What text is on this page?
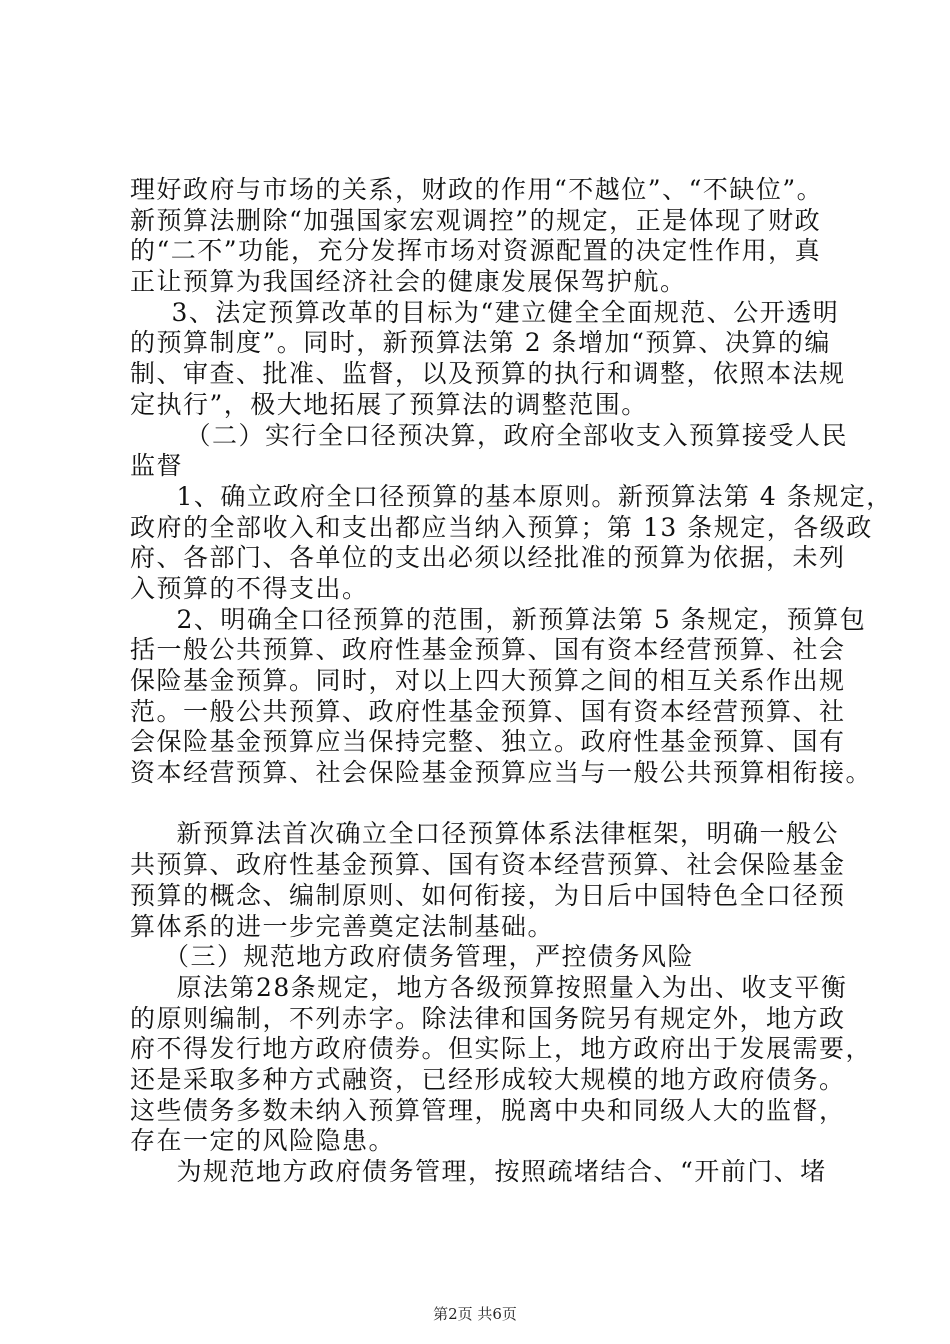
理好政府与市场的关系，财政的作用“不越位”、“不缺位”。

新预算法删除“加强国家宏观调控”的规定，正是体现了财政

的“二不”功能，充分发挥市场对资源配置的决定性作用，真

正让预算为我国经济社会的健康发展保驾护航。

　3、法定预算改革的目标为“建立健全全面规范、公开透明

的预算制度”。同时，新预算法第 2 条增加“预算、决算的编

制、审查、批准、监督，以及预算的执行和调整，依照本法规

定执行”，极大地拓展了预算法的调整范围。

　　（二）实行全口径预决算，政府全部收支入预算接受人民

监督

　1、确立政府全口径预算的基本原则。新预算法第 4 条规定，

政府的全部收入和支出都应当纳入预算；第 13 条规定，各级政

府、各部门、各单位的支出必须以经批准的预算为依据，未列

入预算的不得支出。

　2、明确全口径预算的范围，新预算法第 5 条规定，预算包

括一般公共预算、政府性基金预算、国有资本经营预算、社会

保险基金预算。同时，对以上四大预算之间的相互关系作出规

范。一般公共预算、政府性基金预算、国有资本经营预算、社

会保险基金预算应当保持完整、独立。政府性基金预算、国有

资本经营预算、社会保险基金预算应当与一般公共预算相衔接。

　新预算法首次确立全口径预算体系法律框架，明确一般公

共预算、政府性基金预算、国有资本经营预算、社会保险基金

预算的概念、编制原则、如何衔接，为日后中国特色全口径预

算体系的进一步完善奠定法制基础。

　（三）规范地方政府债务管理，严控债务风险

　原法第28条规定，地方各级预算按照量入为出、收支平衡

的原则编制，不列赤字。除法律和国务院另有规定外，地方政

府不得发行地方政府债券。但实际上，地方政府出于发展需要，

还是采取多种方式融资，已经形成较大规模的地方政府债务。

这些债务多数未纳入预算管理，脱离中央和同级人大的监督，

存在一定的风险隐患。

　为规范地方政府债务管理，按照疏堵结合、“开前门、堵

第2页 共6页
